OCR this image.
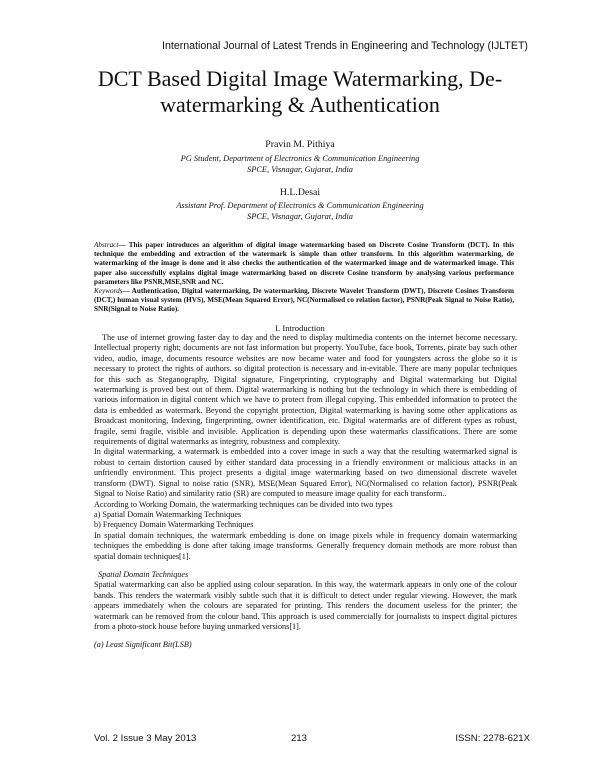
International Journal of Latest Trends in Engineering and Technology (IJLTET)
DCT Based Digital Image Watermarking, De-watermarking & Authentication
Pravin M. Pithiya
PG Student, Department of Electronics & Communication Engineering
SPCE, Visnagar, Gujarat, India
H.L.Desai
Assistant Prof. Department of Electronics & Communication Engineering
SPCE, Visnagar, Gujarat, India
Abstract— This paper introduces an algorithm of digital image watermarking based on Discrete Cosine Transform (DCT). In this technique the embedding and extraction of the watermark is simple than other transform. In this algorithm watermarking, de watermarking of the image is done and it also checks the authentication of the watermarked image and de watermarked image. This paper also successfully explains digital image watermarking based on discrete Cosine transform by analysing various performance parameters like PSNR,MSE,SNR and NC.
Keywords— Authentication, Digital watermarking, De watermarking, Discrete Wavelet Transform (DWT), Discrete Cosines Transform (DCT,) human visual system (HVS), MSE(Mean Squared Error), NC(Normalised co relation factor), PSNR(Peak Signal to Noise Ratio), SNR(Signal to Noise Ratio).
I. Introduction

The use of internet growing faster day to day and the need to display multimedia contents on the internet become necessary. Intellectual property right; documents are not fast information but property. YouTube, face book, Torrents, pirate bay such other video, audio, image, documents resource websites are now became water and food for youngsters across the globe so it is necessary to protect the rights of authors. so digital protection is necessary and in-evitable. There are many popular techniques for this such as Steganography, Digital signature, Fingerprinting, cryptography and Digital watermarking but Digital watermarking is proved best out of them. Digital watermarking is nothing but the technology in which there is embedding of various information in digital content which we have to protect from illegal copying. This embedded information to protect the data is embedded as watermark. Beyond the copyright protection, Digital watermarking is having some other applications as Broadcast monitoring, Indexing, fingerprinting, owner identification, etc. Digital watermarks are of different types as robust, fragile, semi fragile, visible and invisible. Application is depending upon these watermarks classifications. There are some requirements of digital watermarks as integrity, robustness and complexity.

In digital watermarking, a watermark is embedded into a cover image in such a way that the resulting watermarked signal is robust to certain distortion caused by either standard data processing in a friendly environment or malicious attacks in an unfriendly environment. This project presents a digital image watermarking based on two dimensional discrete wavelet transform (DWT). Signal to noise ratio (SNR), MSE(Mean Squared Error), NC(Normalised co relation factor), PSNR(Peak Signal to Noise Ratio) and similarity ratio (SR) are computed to measure image quality for each transform..

According to Working Domain, the watermarking techniques can be divided into two types

a) Spatial Domain Watermarking Techniques

b) Frequency Domain Watermarking Techniques

In spatial domain techniques, the watermark embedding is done on image pixels while in frequency domain watermarking techniques the embedding is done after taking image transforms. Generally frequency domain methods are more robust than spatial domain techniques[1].

Spatial Domain Techniques

Spatial watermarking can also be applied using colour separation. In this way, the watermark appears in only one of the colour bands. This renders the watermark visibly subtle such that it is difficult to detect under regular viewing. However, the mark appears immediately when the colours are separated for printing. This renders the document useless for the printer; the watermark can be removed from the colour band. This approach is used commercially for journalists to inspect digital pictures from a photo-stock house before buying unmarked versions[1].

(a) Least Significant Bit(LSB)

Vol. 2 Issue 3 May 2013	213	ISSN: 2278-621X
